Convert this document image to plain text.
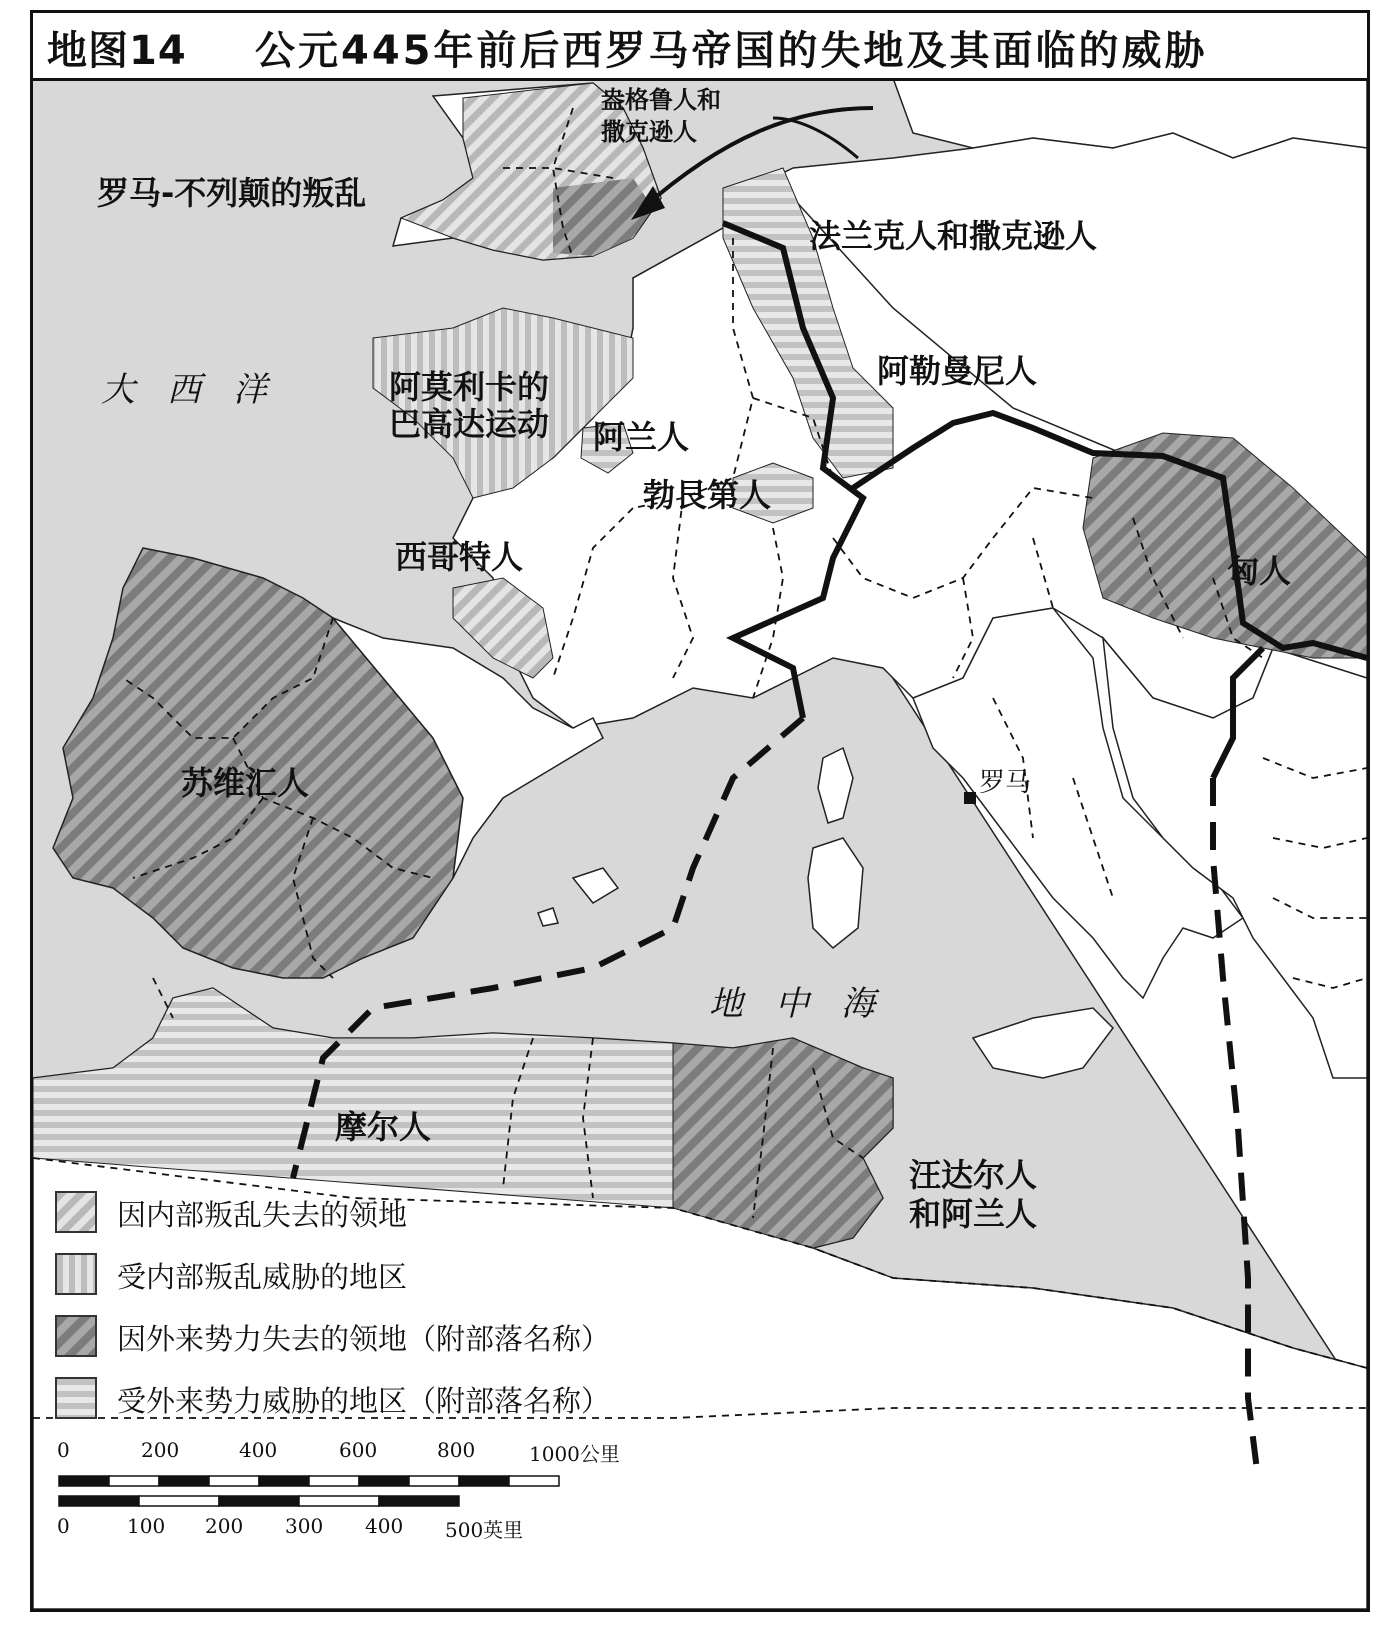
地图14 公元445年前后西罗马帝国的失地及其面临的威胁
盎格鲁人和
撒克逊人
罗马-不列颠的叛乱
法兰克人和撒克逊人
阿勒曼尼人
大西洋	阿莫利卡的
巴高达运动 阿兰人
勃艮第人
西哥特人	匈人
苏维汇人	罗马
地中海
摩尔人
汪达尔人
和阿兰人
因内部叛乱失去的领地
受内部叛乱威胁的地区
因外来势力失去的领地（附部落名称）
受外来势力威胁的地区（附部落名称）
0	200	400	600	800	1000公里
0	100 200 300 400 500英里
